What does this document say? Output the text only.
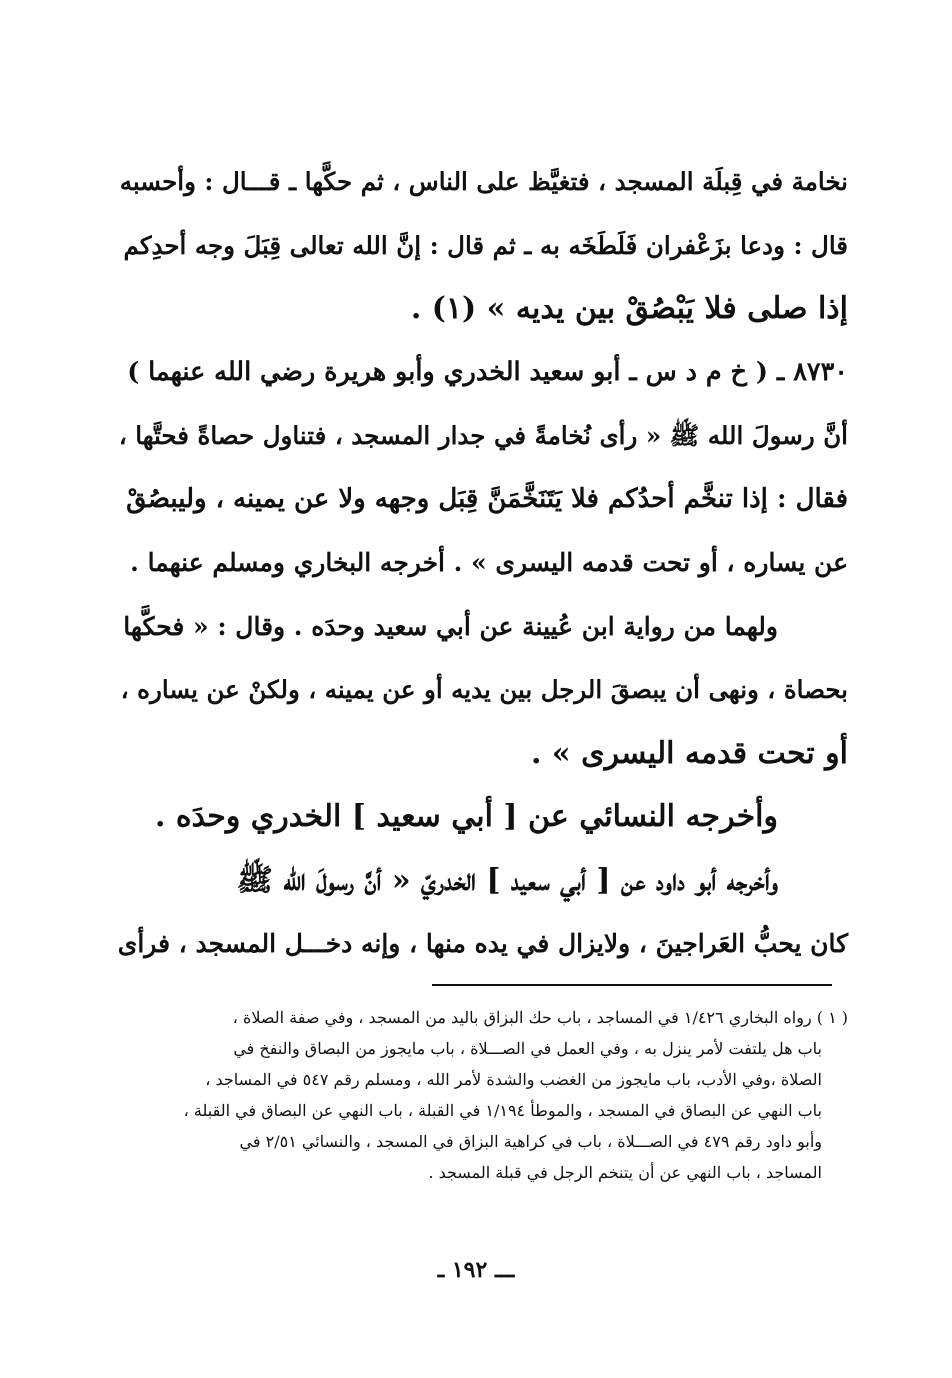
نخامة في قِبلَة المسجد ، فتغيَّظ على الناس ، ثم حكَّها ـ قـــال : وأحسبه
قال : ودعا بزَعْفران فَلَطَخَه به ـ ثم قال : إنَّ الله تعالى قِبَلَ وجه أحدِكم
إذا صلى فلا يَبْصُقْ بين يديه » (١) .
٨٧٣٠ ـ ( خ م د س ـ أبو سعيد الخدري وأبو هريرة رضي الله عنهما )
أنَّ رسولَ الله ﷺ « رأى نُخامةً في جدار المسجد ، فتناول حصاةً فحتَّها ،
فقال : إذا تنخَّم أحدُكم فلا يَتَنَخَّمَنَّ قِبَل وجهه ولا عن يمينه ، وليبصُقْ
عن يساره ، أو تحت قدمه اليسرى » . أخرجه البخاري ومسلم عنهما .
ولهما من رواية ابن عُيينة عن أبي سعيد وحدَه . وقال : « فحكَّها
بحصاة ، ونهى أن يبصقَ الرجل بين يديه أو عن يمينه ، ولكنْ عن يساره ،
أو تحت قدمه اليسرى » .
وأخرجه النسائي عن [ أبي سعيد ] الخدري وحدَه .
وأخرجه أبو داود عن [ أبي سعيد ] الخدريّ « أنَّ رسولَ الله ﷺ
كان يحبُّ العَراجينَ ، ولايزال في يده منها ، وإنه دخـــل المسجد ، فرأى
( ١ ) رواه البخاري ١/٤٢٦ في المساجد ، باب حك البزاق باليد من المسجد ، وفي صفة الصلاة ،
باب هل يلتفت لأمر ينزل به ، وفي العمل في الصـــلاة ، باب مايجوز من البصاق والنفخ في
الصلاة ،وفي الأدب، باب مايجوز من الغضب والشدة لأمر الله ، ومسلم رقم ٥٤٧ في المساجد ،
باب النهي عن البصاق في المسجد ، والموطأ ١/١٩٤ في القبلة ، باب النهي عن البصاق في القبلة ،
وأبو داود رقم ٤٧٩ في الصـــلاة ، باب في كراهية البزاق في المسجد ، والنسائي ٢/٥١ في
المساجد ، باب النهي عن أن يتنخم الرجل في قبلة المسجد .
ـــ ١٩٢ ـ
